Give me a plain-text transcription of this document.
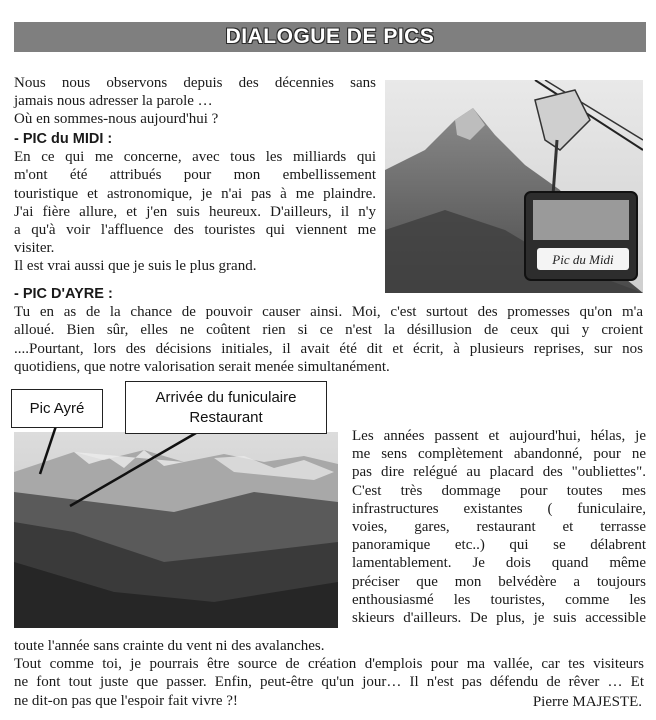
DIALOGUE DE PICS
Nous nous observons depuis des décennies sans
jamais nous adresser la parole …
Où en sommes-nous aujourd'hui ?
- PIC du MIDI :
En ce qui me concerne, avec tous les milliards qui
m'ont été attribués pour mon embellissement
touristique et astronomique, je n'ai pas à me plaindre.
J'ai fière allure, et j'en suis heureux. D'ailleurs, il n'y
a qu'à voir l'affluence des touristes qui viennent me
visiter.
Il est vrai aussi que je suis le plus grand.	Pic du Midi
- PIC D'AYRE :
Tu en as de la chance de pouvoir causer ainsi. Moi, c'est surtout des promesses qu'on m'a
alloué. Bien sûr, elles ne coûtent rien si ce n'est la désillusion de ceux qui y croient
....Pourtant, lors des décisions initiales, il avait été dit et écrit, à plusieurs reprises, sur nos
quotidiens, que notre valorisation serait menée simultanément.
Pic Ayré
Arrivée du funiculaire
Restaurant
Les années passent et aujourd'hui, hélas, je
me sens complètement abandonné, pour ne
pas dire relégué au placard des "oubliettes".
C'est très dommage pour toutes mes
infrastructures existantes ( funiculaire,
voies, gares, restaurant et terrasse
panoramique etc..) qui se délabrent
lamentablement. Je dois quand même
préciser que mon belvédère a toujours
enthousiasmé les touristes, comme les
skieurs d'ailleurs. De plus, je suis accessible
toute l'année sans crainte du vent ni des avalanches.
Tout comme toi, je pourrais être source de création d'emplois pour ma vallée, car tes visiteurs
ne font tout juste que passer. Enfin, peut-être qu'un jour… Il n'est pas défendu de rêver … Et
ne dit-on pas que l'espoir fait vivre ?!	Pierre MAJESTE.
